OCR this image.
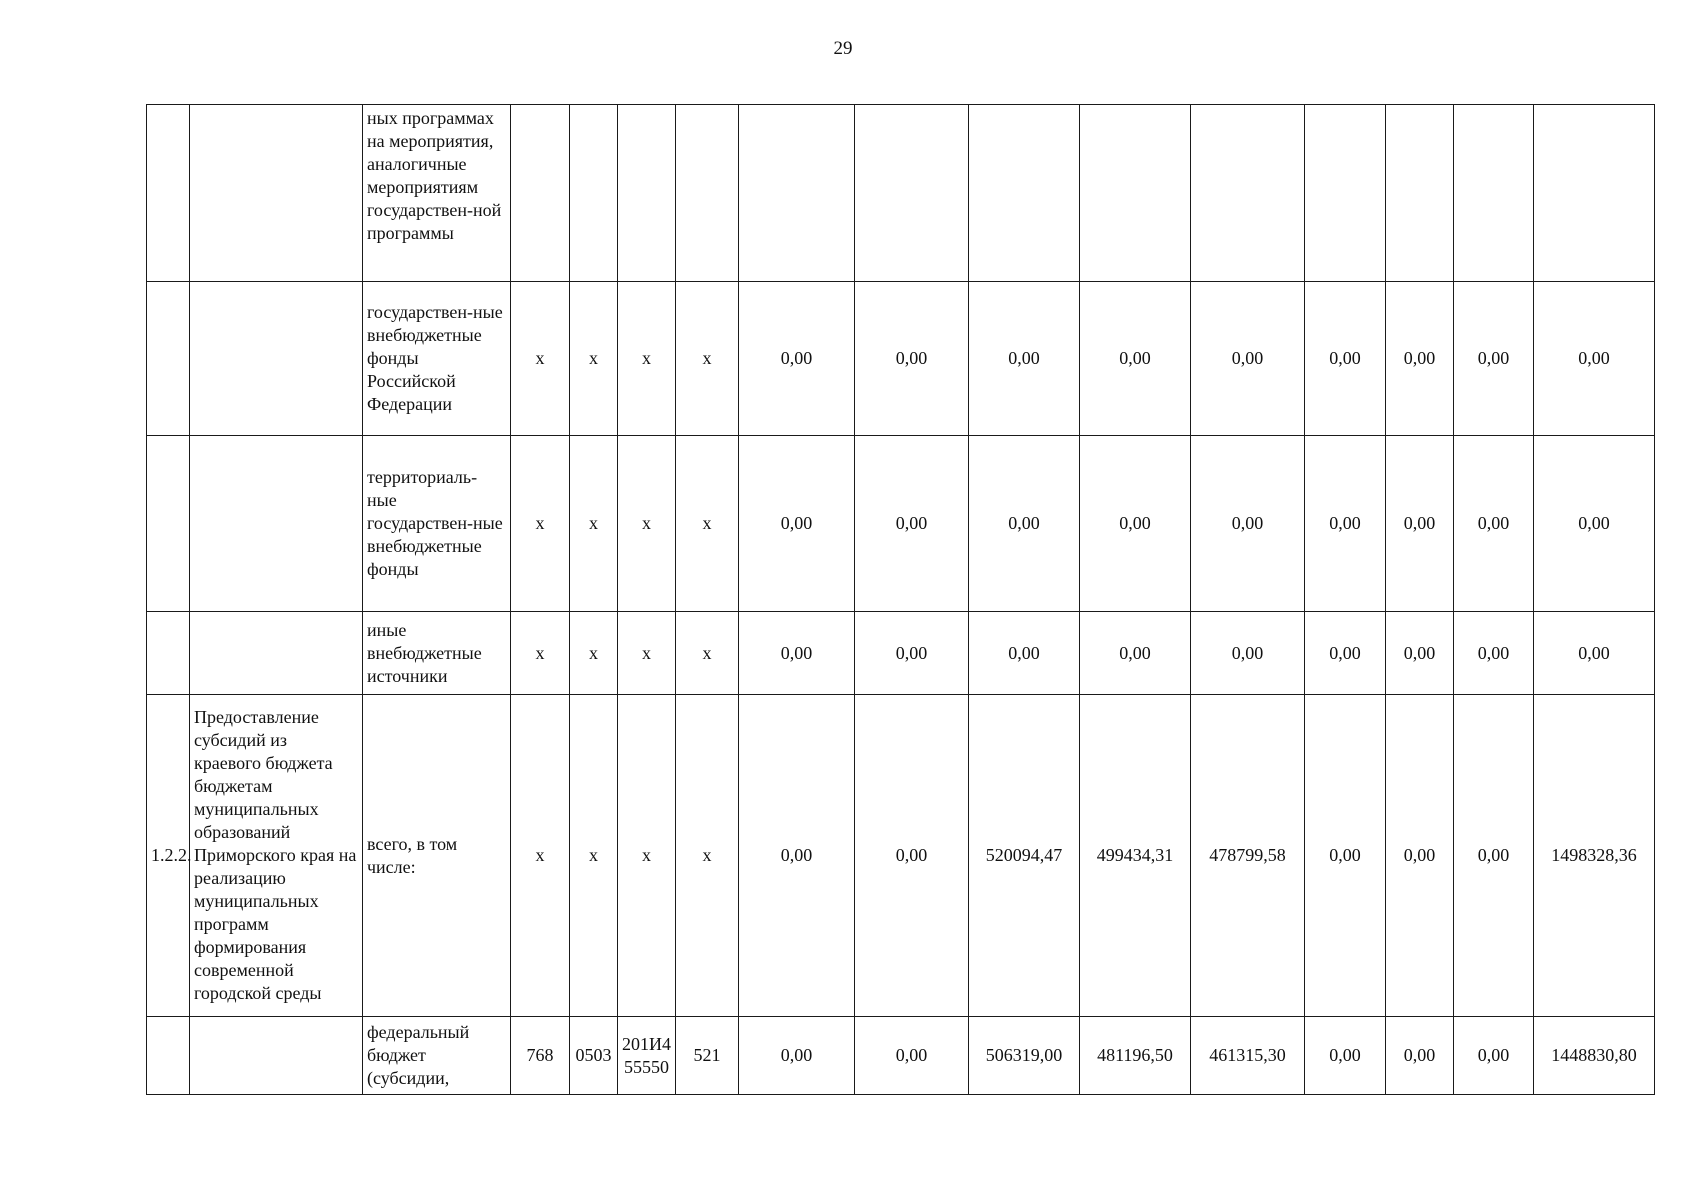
29
		ных программах на мероприятия, аналогичные мероприятиям государствен-ной программы													
		государствен-ные внебюджетные фонды Российской Федерации	x	x	x	x	0,00	0,00	0,00	0,00	0,00	0,00	0,00	0,00	0,00
		территориаль-ные государствен-ные внебюджетные фонды	x	x	x	x	0,00	0,00	0,00	0,00	0,00	0,00	0,00	0,00	0,00
		иные внебюджетные источники	x	x	x	x	0,00	0,00	0,00	0,00	0,00	0,00	0,00	0,00	0,00
1.2.2.	Предоставление субсидий из краевого бюджета бюджетам муниципальных образований Приморского края на реализацию муниципальных программ формирования современной городской среды	всего, в том числе:	x	x	x	x	0,00	0,00	520094,47	499434,31	478799,58	0,00	0,00	0,00	1498328,36
		федеральный бюджет (субсидии,	768	0503	201И455550	521	0,00	0,00	506319,00	481196,50	461315,30	0,00	0,00	0,00	1448830,80
